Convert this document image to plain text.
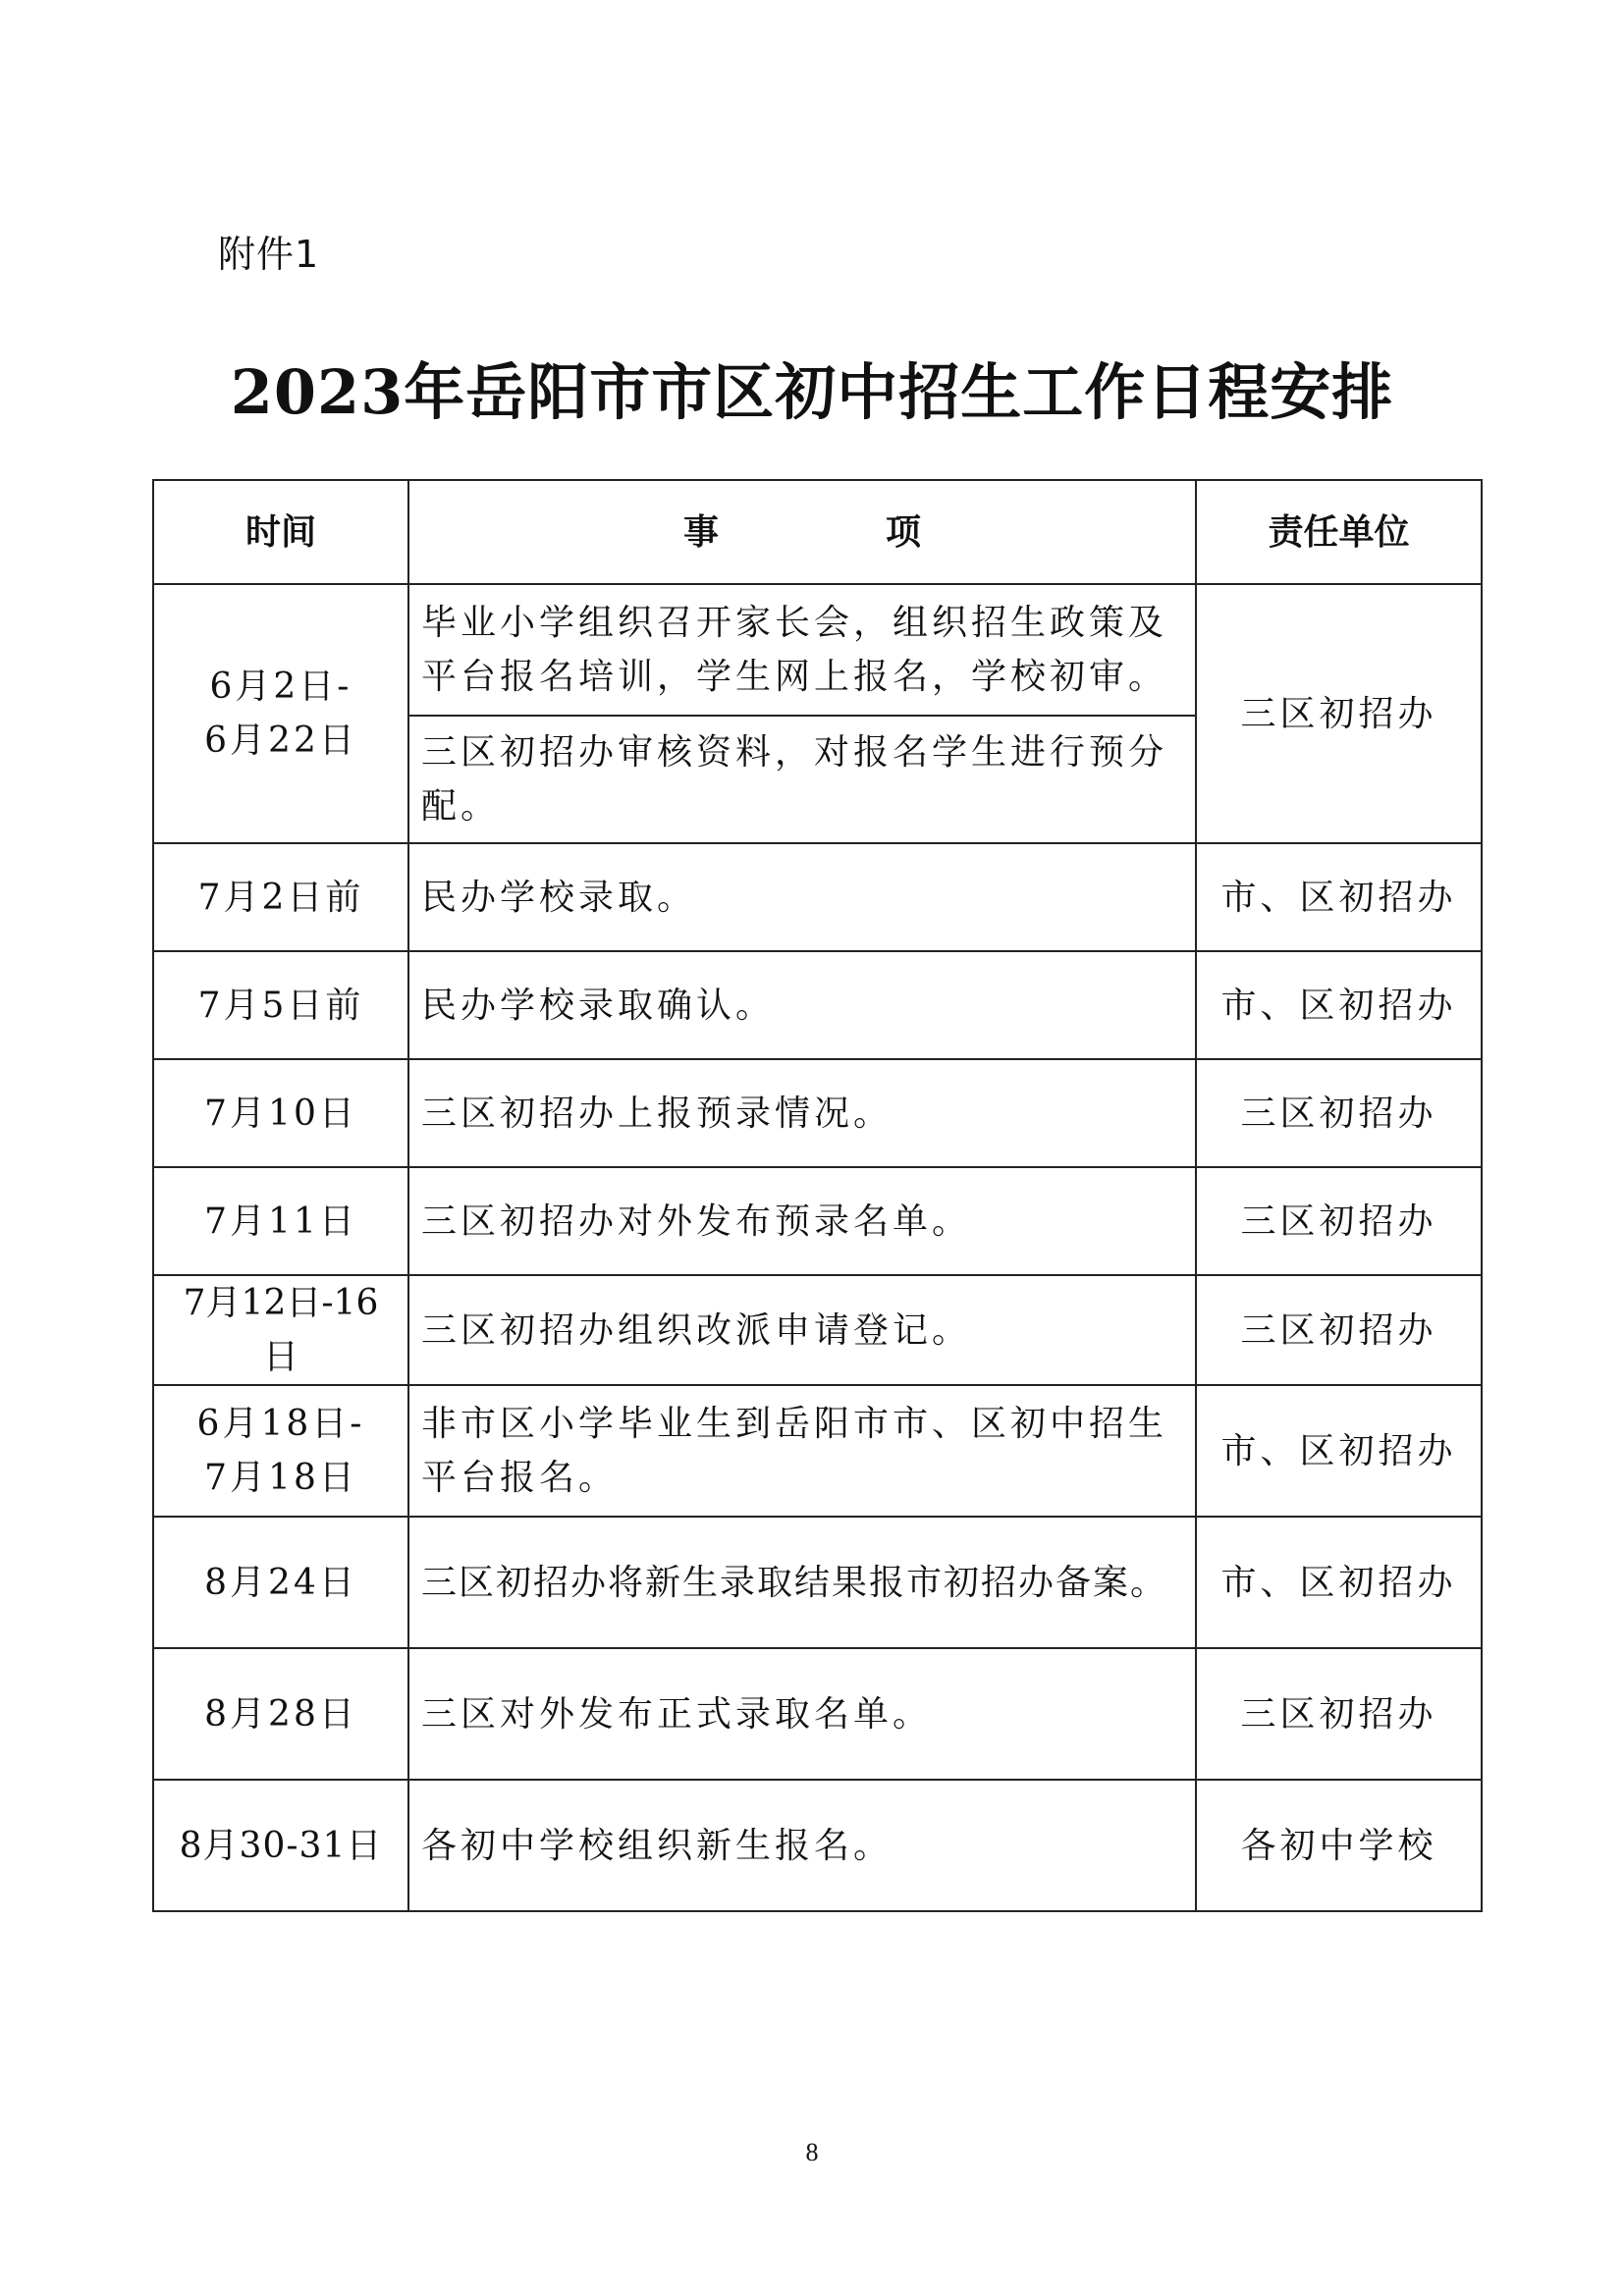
附件1
2023年岳阳市市区初中招生工作日程安排
时间	事 项	责任单位

6月2日-
6月22日	毕业小学组织召开家长会，组织招生政策及平台报名培训，学生网上报名，学校初审。	三区初招办
	三区初招办审核资料，对报名学生进行预分配。	
7月2日前	民办学校录取。	市、区初招办
7月5日前	民办学校录取确认。	市、区初招办
7月10日	三区初招办上报预录情况。	三区初招办
7月11日	三区初招办对外发布预录名单。	三区初招办
7月12日-16日	三区初招办组织改派申请登记。	三区初招办

6月18日-
7月18日	非市区小学毕业生到岳阳市市、区初中招生平台报名。	市、区初招办
8月24日	三区初招办将新生录取结果报市初招办备案。	市、区初招办
8月28日	三区对外发布正式录取名单。	三区初招办
8月30-31日	各初中学校组织新生报名。	各初中学校
8
